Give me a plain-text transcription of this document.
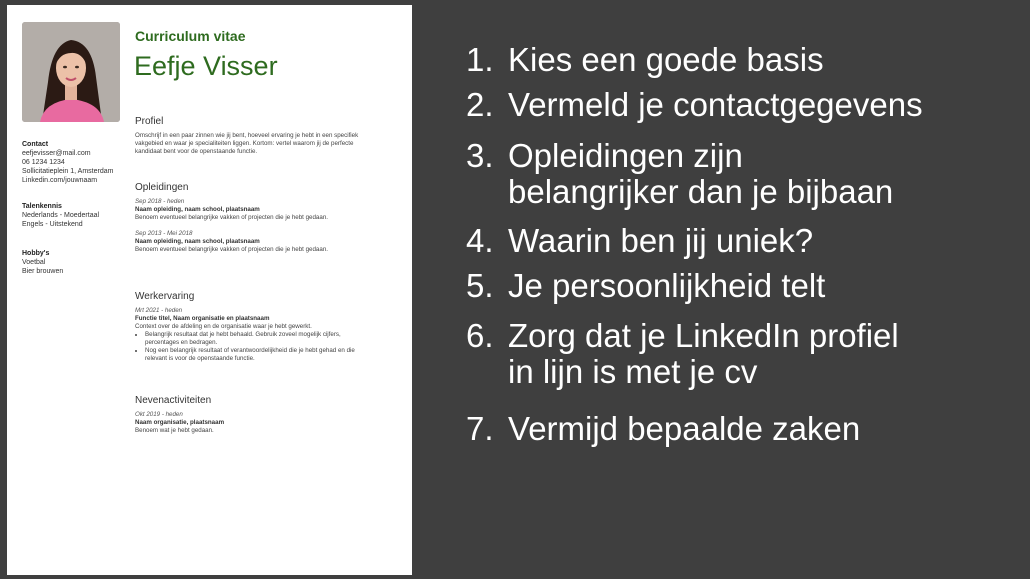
Curriculum vitae
Eefje Visser
Contact
eefjevisser@mail.com
06 1234 1234
Sollicitatieplein 1, Amsterdam
Linkedin.com/jouwnaam
Talenkennis
Nederlands - Moedertaal
Engels - Uitstekend
Hobby's
Voetbal
Bier brouwen
Profiel
Omschrijf in een paar zinnen wie jij bent, hoeveel ervaring je hebt in een specifiek vakgebied en waar je specialiteiten liggen. Kortom: vertel waarom jij de perfecte kandidaat bent voor de openstaande functie.
Opleidingen
Sep 2018 - heden
Naam opleiding, naam school, plaatsnaam
Benoem eventueel belangrijke vakken of projecten die je hebt gedaan.
Sep 2013 - Mei 2018
Naam opleiding, naam school, plaatsnaam
Benoem eventueel belangrijke vakken of projecten die je hebt gedaan.
Werkervaring
Mrt 2021 - heden
Functie titel, Naam organisatie en plaatsnaam
Context over de afdeling en de organisatie waar je hebt gewerkt.
• Belangrijk resultaat dat je hebt behaald. Gebruik zoveel mogelijk cijfers, percentages en bedragen.
• Nog een belangrijk resultaat of verantwoordelijkheid die je hebt gehad en die relevant is voor de openstaande functie.
Nevenactiviteiten
Okt 2019 - heden
Naam organisatie, plaatsnaam
Benoem wat je hebt gedaan.
1. Kies een goede basis
2. Vermeld je contactgegevens
3. Opleidingen zijn
belangrijker dan je bijbaan
4. Waarin ben jij uniek?
5. Je persoonlijkheid telt
6. Zorg dat je LinkedIn profiel
in lijn is met je cv
7. Vermijd bepaalde zaken
